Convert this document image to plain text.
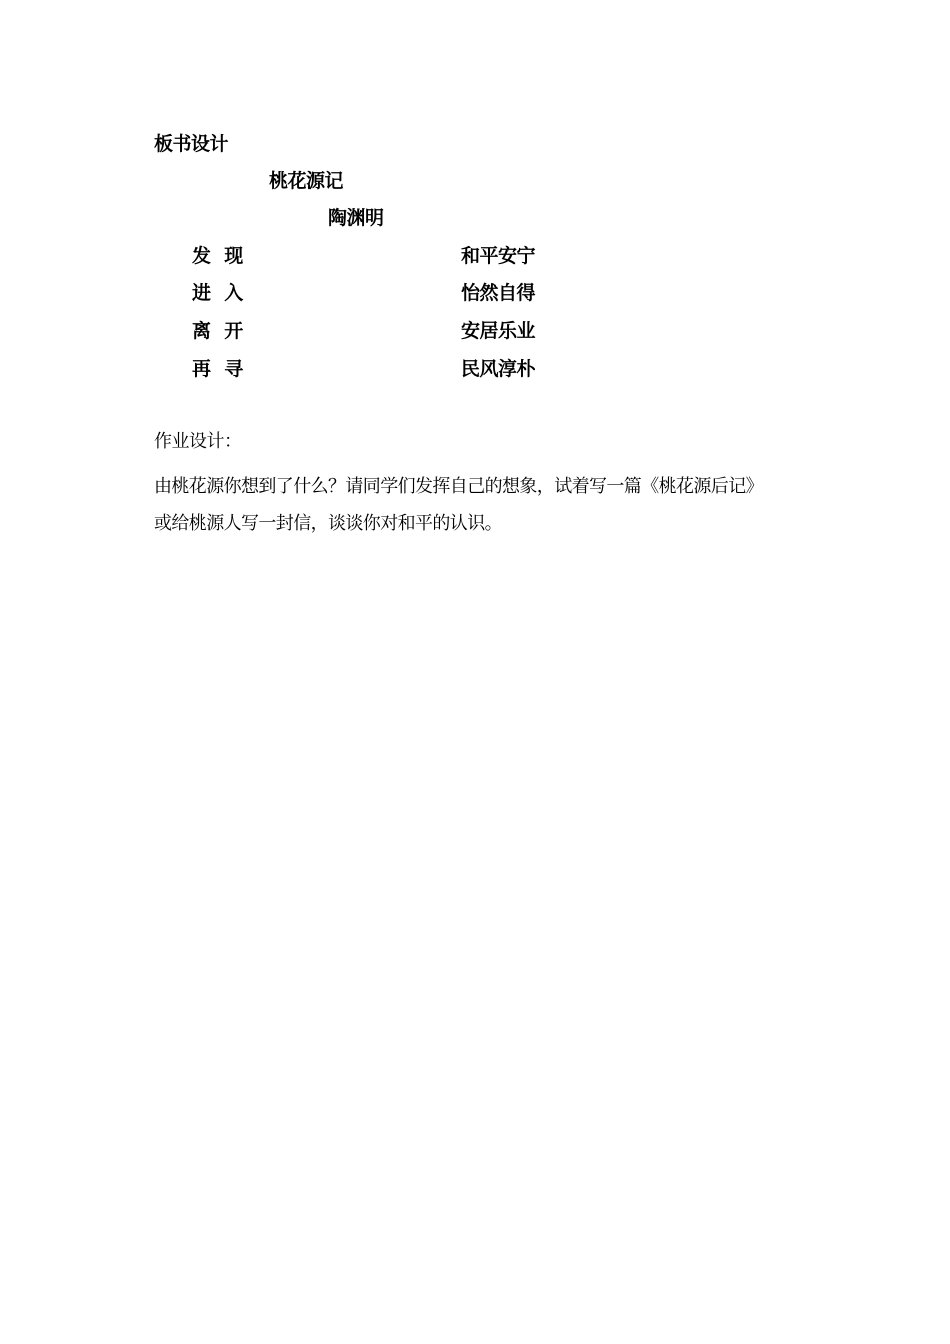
板书设计
桃花源记
陶渊明
发  现	和平安宁
进  入	怡然自得
离  开	安居乐业
再  寻	民风淳朴
作业设计：
由桃花源你想到了什么？请同学们发挥自己的想象，试着写一篇《桃花源后记》
或给桃源人写一封信，谈谈你对和平的认识。
